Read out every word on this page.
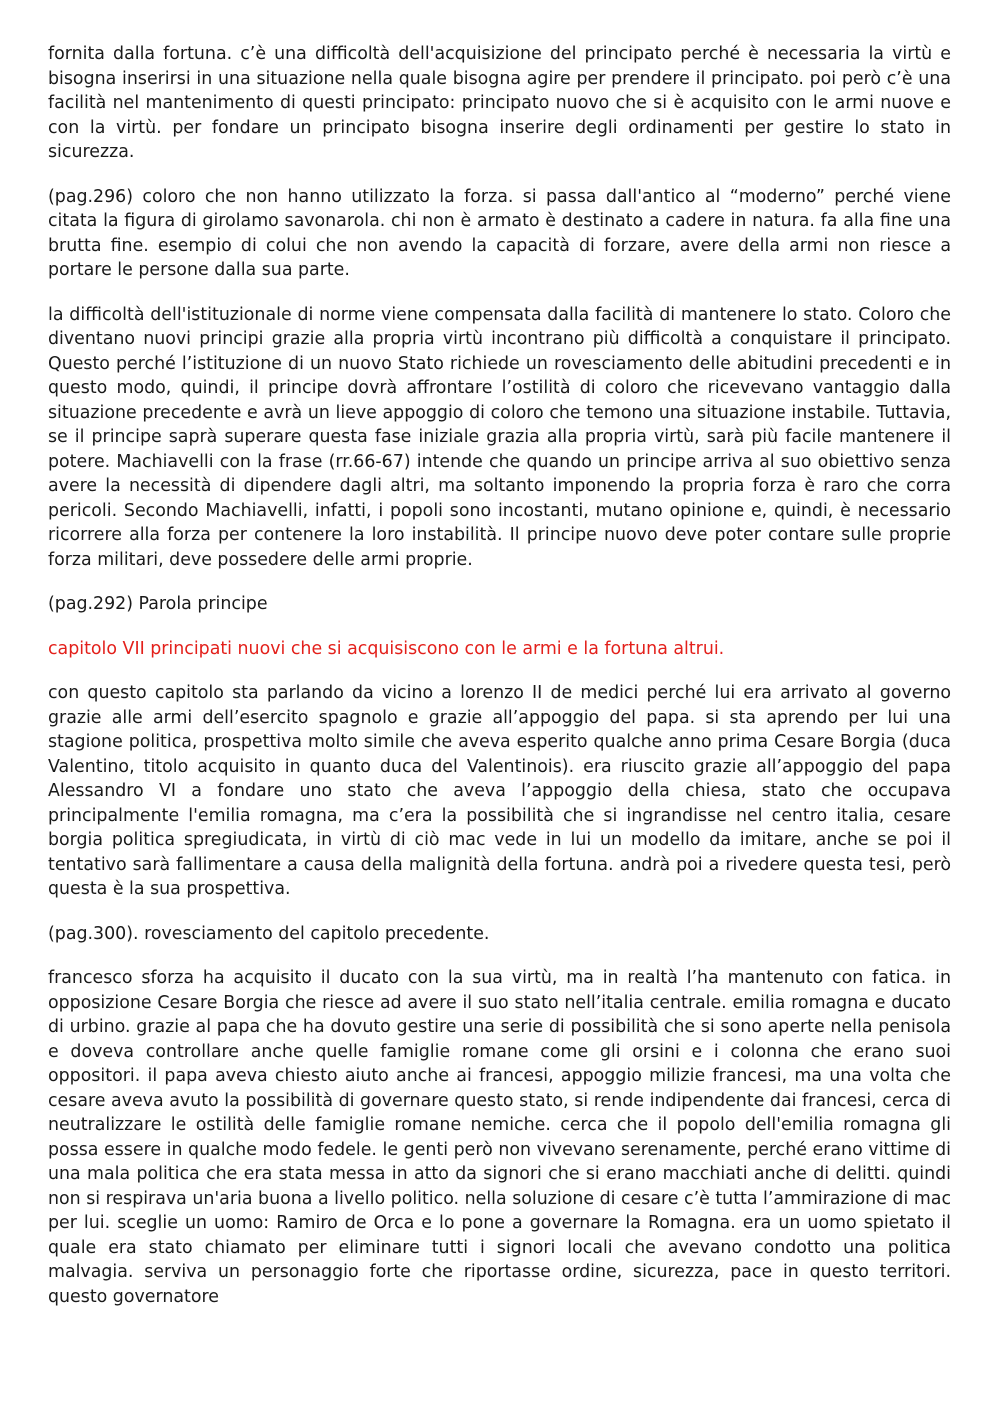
fornita dalla fortuna. c’è una difficoltà dell'acquisizione del principato perché è necessaria la virtù e bisogna inserirsi in una situazione nella quale bisogna agire per prendere il principato. poi però c’è una facilità nel mantenimento di questi principato: principato nuovo che si è acquisito con le armi nuove e con la virtù. per fondare un principato bisogna inserire degli ordinamenti per gestire lo stato in sicurezza.

(pag.296) coloro che non hanno utilizzato la forza. si passa dall'antico al “moderno” perché viene citata la figura di girolamo savonarola. chi non è armato è destinato a cadere in natura. fa alla fine una brutta fine. esempio di colui che non avendo la capacità di forzare, avere della armi non riesce a portare le persone dalla sua parte.

la difficoltà dell'istituzionale di norme viene compensata dalla facilità di mantenere lo stato. Coloro che diventano nuovi principi grazie alla propria virtù incontrano più difficoltà a conquistare il principato. Questo perché l’istituzione di un nuovo Stato richiede un rovesciamento delle abitudini precedenti e in questo modo, quindi, il principe dovrà affrontare l’ostilità di coloro che ricevevano vantaggio dalla situazione precedente e avrà un lieve appoggio di coloro che temono una situazione instabile. Tuttavia, se il principe saprà superare questa fase iniziale grazia alla propria virtù, sarà più facile mantenere il potere. Machiavelli con la frase (rr.66-67) intende che quando un principe arriva al suo obiettivo senza avere la necessità di dipendere dagli altri, ma soltanto imponendo la propria forza è raro che corra pericoli. Secondo Machiavelli, infatti, i popoli sono incostanti, mutano opinione e, quindi, è necessario ricorrere alla forza per contenere la loro instabilità. Il principe nuovo deve poter contare sulle proprie forza militari, deve possedere delle armi proprie.

(pag.292) Parola principe

capitolo VII principati nuovi che si acquisiscono con le armi e la fortuna altrui.

con questo capitolo sta parlando da vicino a lorenzo II de medici perché lui era arrivato al governo grazie alle armi dell’esercito spagnolo e grazie all’appoggio del papa. si sta aprendo per lui una stagione politica, prospettiva molto simile che aveva esperito qualche anno prima Cesare Borgia (duca Valentino, titolo acquisito in quanto duca del Valentinois). era riuscito grazie all’appoggio del papa Alessandro VI a fondare uno stato che aveva l’appoggio della chiesa, stato che occupava principalmente l'emilia romagna, ma c’era la possibilità che si ingrandisse nel centro italia, cesare borgia politica spregiudicata, in virtù di ciò mac vede in lui un modello da imitare, anche se poi il tentativo sarà fallimentare a causa della malignità della fortuna. andrà poi a rivedere questa tesi, però questa è la sua prospettiva.

(pag.300). rovesciamento del capitolo precedente.

francesco sforza ha acquisito il ducato con la sua virtù, ma in realtà l’ha mantenuto con fatica. in opposizione Cesare Borgia che riesce ad avere il suo stato nell’italia centrale. emilia romagna e ducato di urbino. grazie al papa che ha dovuto gestire una serie di possibilità che si sono aperte nella penisola e doveva controllare anche quelle famiglie romane come gli orsini e i colonna che erano suoi oppositori. il papa aveva chiesto aiuto anche ai francesi, appoggio milizie francesi, ma una volta che cesare aveva avuto la possibilità di governare questo stato, si rende indipendente dai francesi, cerca di neutralizzare le ostilità delle famiglie romane nemiche. cerca che il popolo dell'emilia romagna gli possa essere in qualche modo fedele. le genti però non vivevano serenamente, perché erano vittime di una mala politica che era stata messa in atto da signori che si erano macchiati anche di delitti. quindi non si respirava un'aria buona a livello politico. nella soluzione di cesare c’è tutta l’ammirazione di mac per lui. sceglie un uomo: Ramiro de Orca e lo pone a governare la Romagna. era un uomo spietato il quale era stato chiamato per eliminare tutti i signori locali che avevano condotto una politica malvagia. serviva un personaggio forte che riportasse ordine, sicurezza, pace in questo territori. questo governatore
